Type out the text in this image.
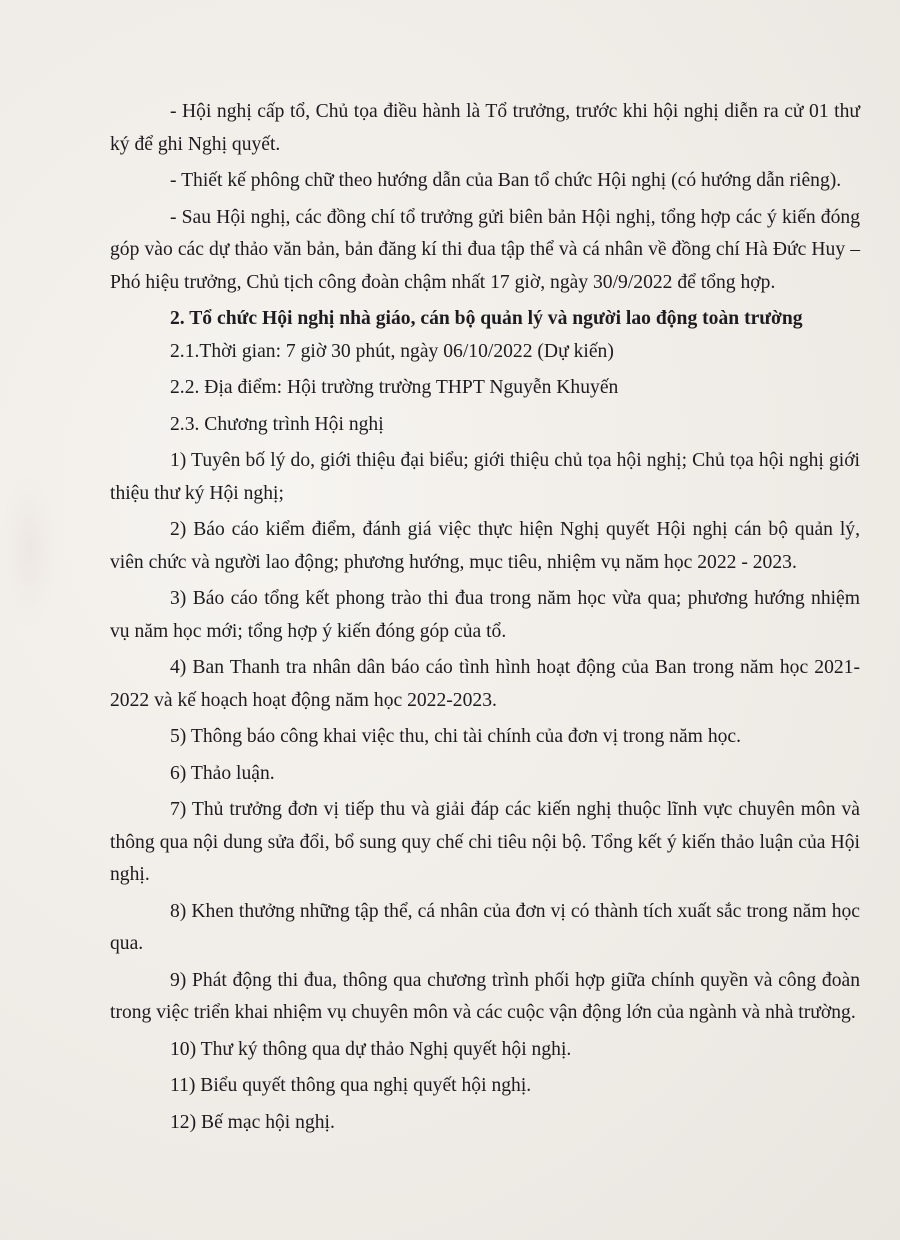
- Hội nghị cấp tổ, Chủ tọa điều hành là Tổ trưởng, trước khi hội nghị diễn ra cử 01 thư ký để ghi Nghị quyết.

- Thiết kế phông chữ theo hướng dẫn của Ban tổ chức Hội nghị (có hướng dẫn riêng).

- Sau Hội nghị, các đồng chí tổ trưởng gửi biên bản Hội nghị, tổng hợp các ý kiến đóng góp vào các dự thảo văn bản, bản đăng kí thi đua tập thể và cá nhân về đồng chí Hà Đức Huy – Phó hiệu trưởng, Chủ tịch công đoàn chậm nhất 17 giờ, ngày 30/9/2022 để tổng hợp.

2. Tổ chức Hội nghị nhà giáo, cán bộ quản lý và người lao động toàn trường

2.1.Thời gian: 7 giờ 30 phút, ngày 06/10/2022 (Dự kiến)

2.2. Địa điểm: Hội trường trường THPT Nguyễn Khuyến

2.3. Chương trình Hội nghị

1) Tuyên bố lý do, giới thiệu đại biểu; giới thiệu chủ tọa hội nghị; Chủ tọa hội nghị giới thiệu thư ký Hội nghị;

2) Báo cáo kiểm điểm, đánh giá việc thực hiện Nghị quyết Hội nghị cán bộ quản lý, viên chức và người lao động; phương hướng, mục tiêu, nhiệm vụ năm học 2022 - 2023.

3) Báo cáo tổng kết phong trào thi đua trong năm học vừa qua; phương hướng nhiệm vụ năm học mới; tổng hợp ý kiến đóng góp của tổ.

4) Ban Thanh tra nhân dân báo cáo tình hình hoạt động của Ban trong năm học 2021-2022 và kế hoạch hoạt động năm học 2022-2023.

5) Thông báo công khai việc thu, chi tài chính của đơn vị trong năm học.

6) Thảo luận.

7) Thủ trưởng đơn vị tiếp thu và giải đáp các kiến nghị thuộc lĩnh vực chuyên môn và thông qua nội dung sửa đổi, bổ sung quy chế chi tiêu nội bộ. Tổng kết ý kiến thảo luận của Hội nghị.

8) Khen thưởng những tập thể, cá nhân của đơn vị có thành tích xuất sắc trong năm học qua.

9) Phát động thi đua, thông qua chương trình phối hợp giữa chính quyền và công đoàn trong việc triển khai nhiệm vụ chuyên môn và các cuộc vận động lớn của ngành và nhà trường.

10) Thư ký thông qua dự thảo Nghị quyết hội nghị.

11) Biểu quyết thông qua nghị quyết hội nghị.

12) Bế mạc hội nghị.
